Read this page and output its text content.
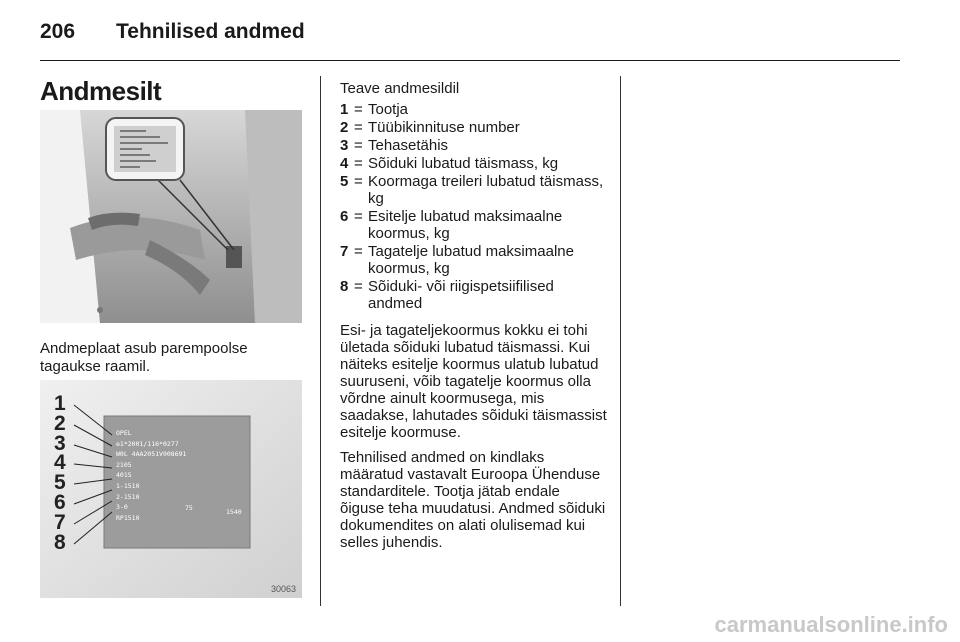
206 Tehnilised andmed
Andmesilt
Andmeplaat asub parempoolse tagaukse raamil.
1
2
3
4
5
6
7
8
OPEL
e1*2001/116*0277
W0L 4AA2051V008691
2105
4015
1-1510
2-1510
3-0
RP1510
75	1540
30063
Teave andmesildil
1 = Tootja
2 = Tüübikinnituse number
3 = Tehasetähis
4 = Sõiduki lubatud täismass, kg
5 = Koormaga treileri lubatud täismass, kg
6 = Esitelje lubatud maksimaalne koormus, kg
7 = Tagatelje lubatud maksimaalne koormus, kg
8 = Sõiduki- või riigispetsiifilised andmed

Esi- ja tagateljekoormus kokku ei tohi ületada sõiduki lubatud täismassi. Kui näiteks esitelje koormus ulatub lubatud suuruseni, võib tagatelje koormus olla võrdne ainult koormusega, mis saadakse, lahutades sõiduki täismassist esitelje koormuse.

Tehnilised andmed on kindlaks määratud vastavalt Euroopa Ühenduse standarditele. Tootja jätab endale õiguse teha muudatusi. Andmed sõiduki dokumendites on alati olulisemad kui selles juhendis.

carmanualsonline.info
